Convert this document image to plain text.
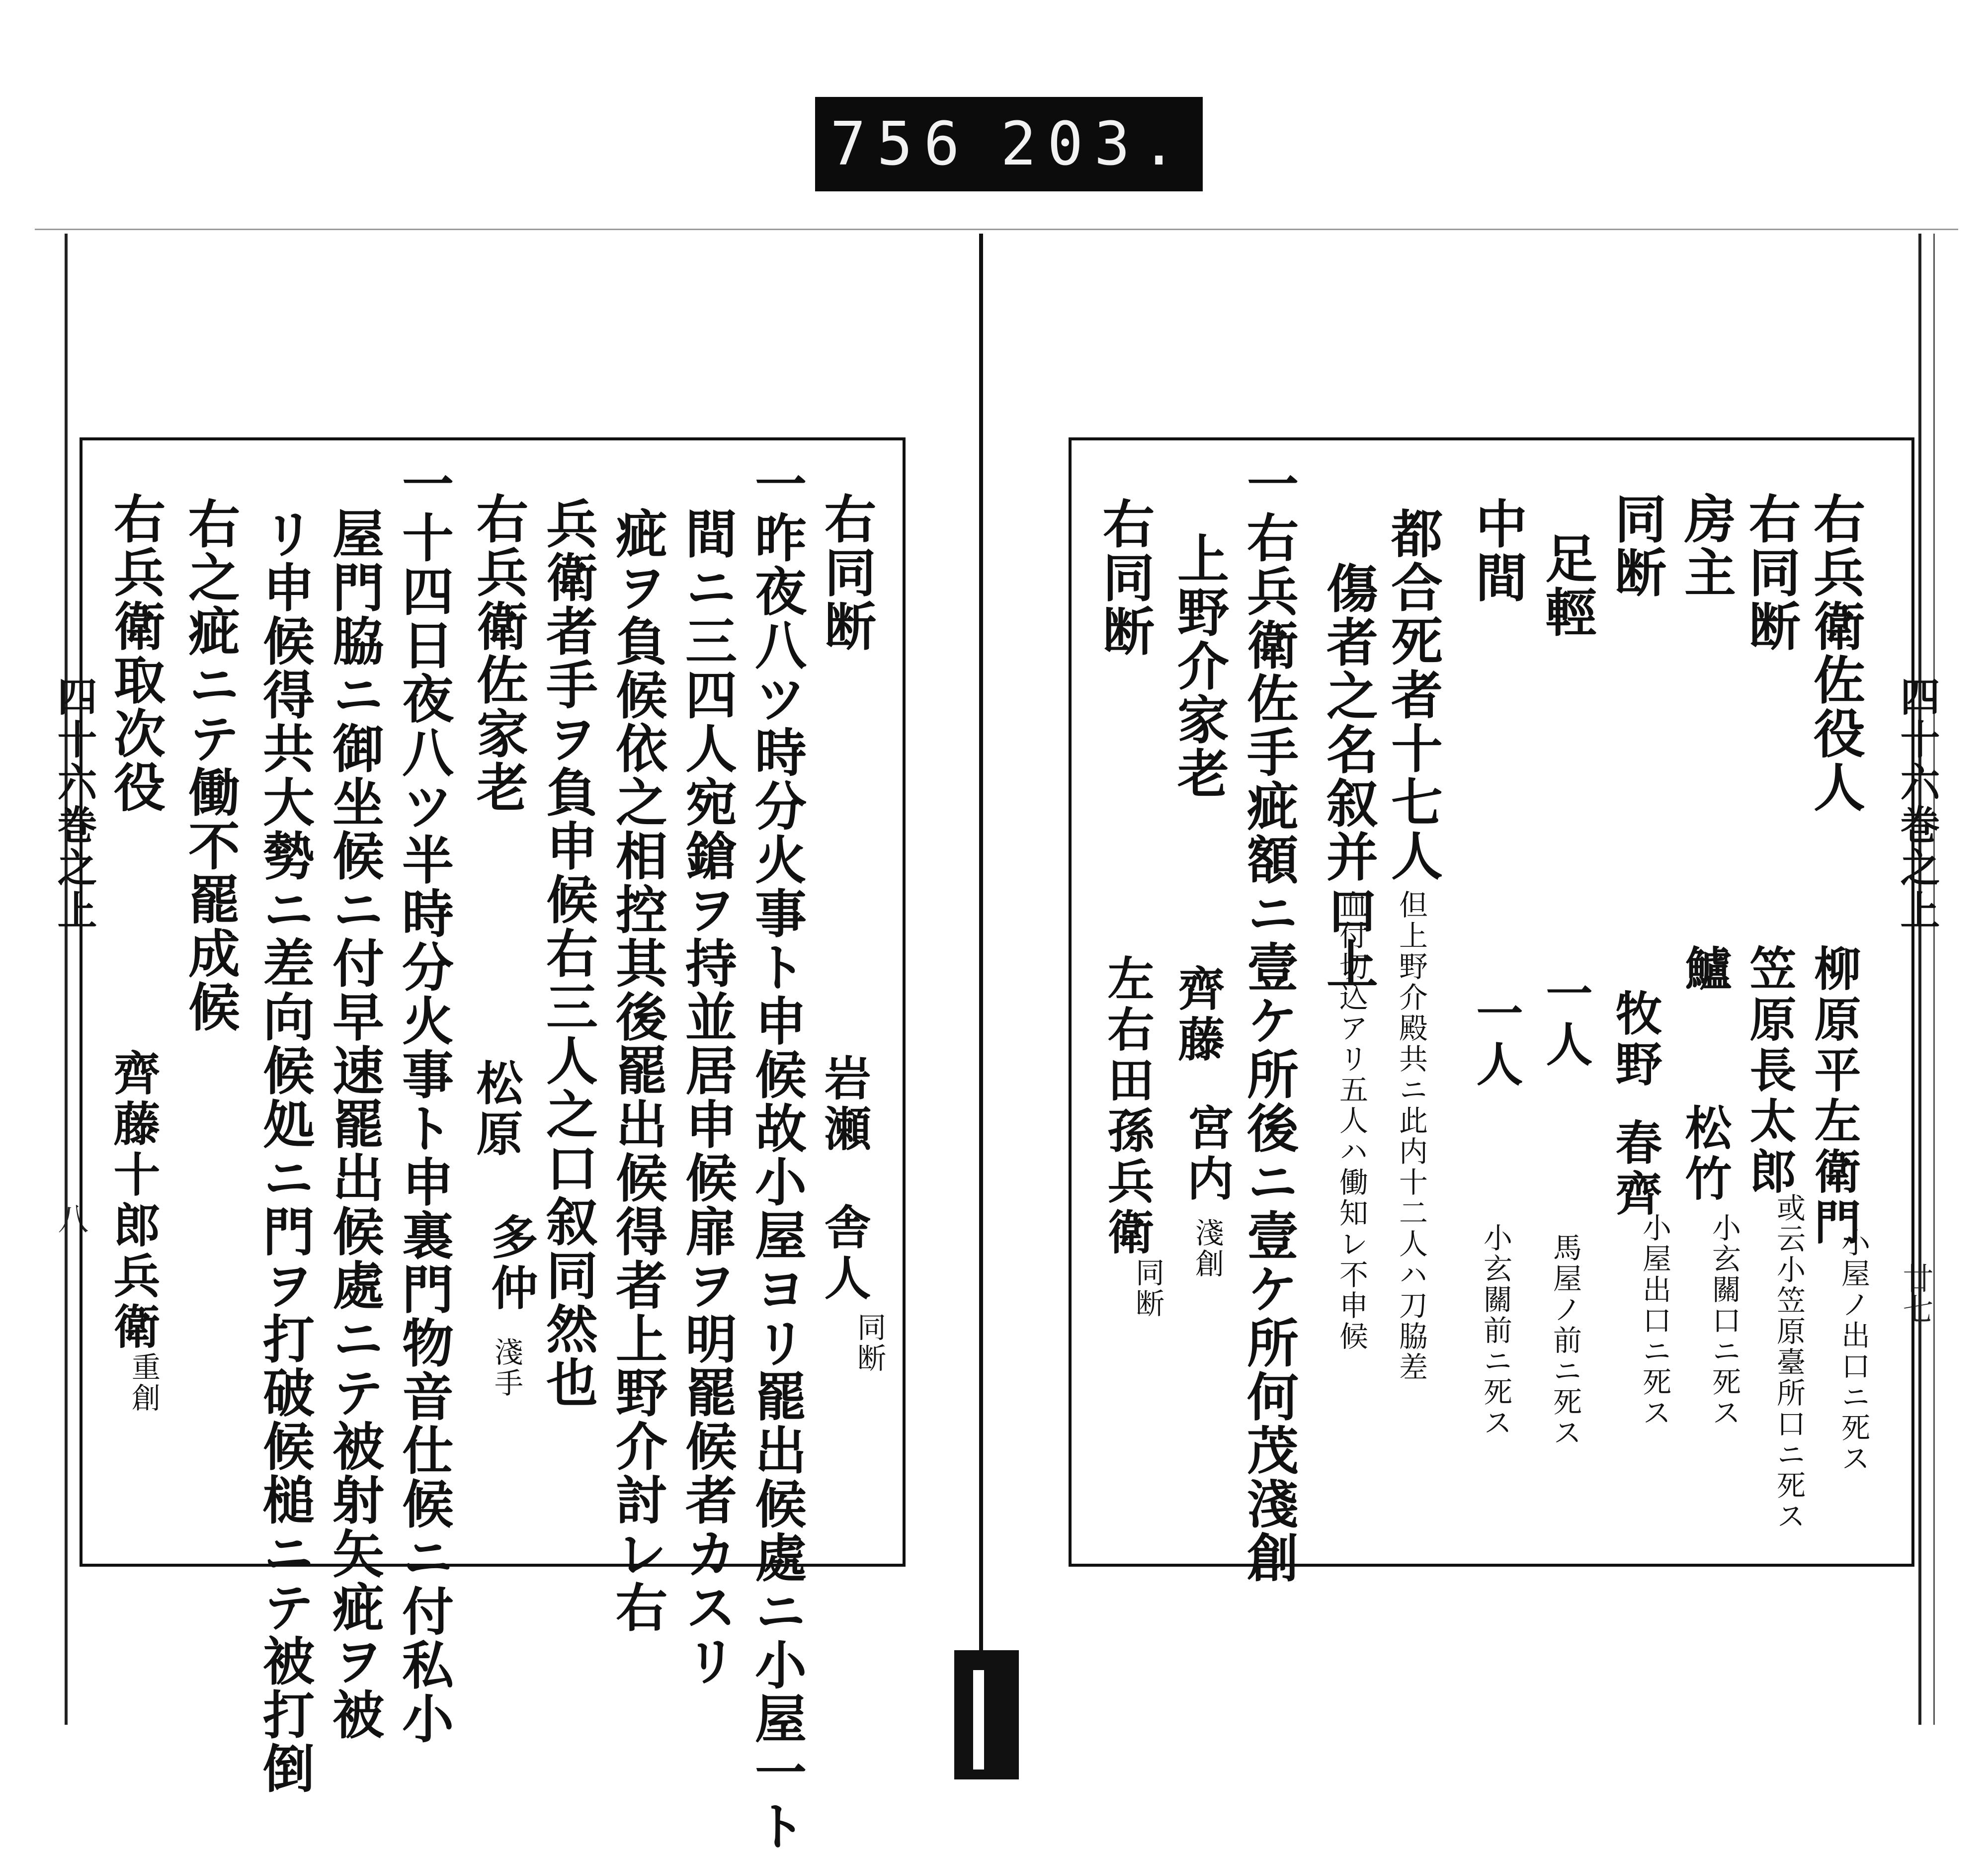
756 203.
四十六巻之上
八
四十六巻之上
廿七
右兵衛佐役人
柳原平左衛門
小屋ノ出口ニ死ス
右同断
笠原長太郎
或云小笠原臺所口ニ死ス
房主
鱸
松竹
小玄關口ニ死ス
同断
牧野
春齊
小屋出口ニ死ス
足輕
一人
馬屋ノ前ニ死ス
中間
一人
小玄關前ニ死ス
都合死者十七人
但上野介殿共ニ此内十二人ハ刀脇差
傷者之名叙并口上
血付切込アリ五人ハ働知レ不申候
一右兵衛佐手疵額ニ壹ケ所後ニ壹ケ所何茂淺創
上野介家老
齊藤
宮内
淺創
右同断
左右田孫兵衛
同断
右同断
岩瀬
舎人
同断
一昨夜八ツ時分火事ト申候故小屋ヨリ罷出候處ニ小屋一ト
間ニ三四人宛鎗ヲ持並居申候扉ヲ明罷候者カスリ
疵ヲ負候依之相控其後罷出候得者上野介討レ右
兵衛者手ヲ負申候右三人之口叙同然也
右兵衛佐家老
松原
多仲
淺手
一十四日夜八ツ半時分火事ト申裏門物音仕候ニ付私小
屋門脇ニ御坐候ニ付早速罷出候處ニテ被射矢疵ヲ被
リ申候得共大勢ニ差向候処ニ門ヲ打破候槌ニテ被打倒
右之疵ニテ働不罷成候
右兵衛取次役
齊藤十郎兵衛
重創
